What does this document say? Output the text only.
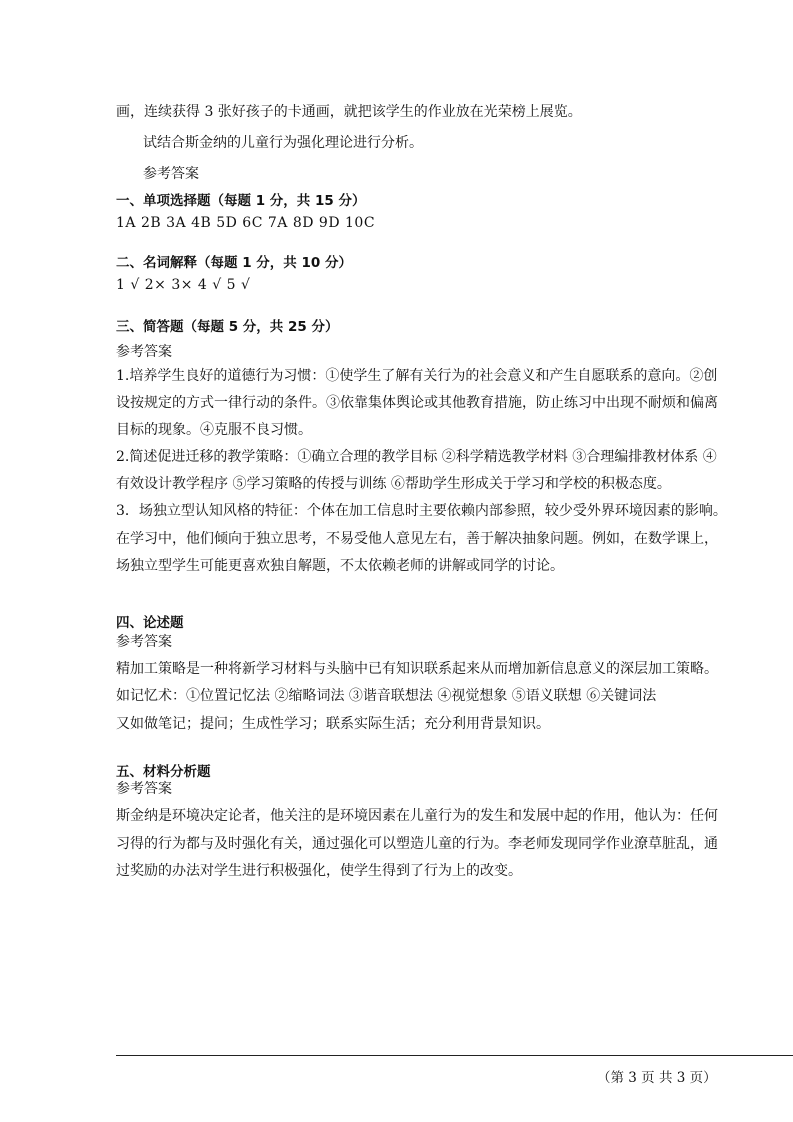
画，连续获得 3 张好孩子的卡通画，就把该学生的作业放在光荣榜上展览。
试结合斯金纳的儿童行为强化理论进行分析。
参考答案
一、单项选择题（每题 1 分，共 15 分）
1A 2B 3A 4B 5D 6C 7A 8D 9D 10C
二、名词解释（每题 1 分，共 10 分）
1 √ 2× 3× 4 √ 5 √
三、简答题（每题 5 分，共 25 分）
参考答案
1.培养学生良好的道德行为习惯：①使学生了解有关行为的社会意义和产生自愿联系的意向。②创
设按规定的方式一律行动的条件。③依靠集体舆论或其他教育措施，防止练习中出现不耐烦和偏离
目标的现象。④克服不良习惯。
2.简述促进迁移的教学策略：①确立合理的教学目标 ②科学精选教学材料 ③合理编排教材体系 ④
有效设计教学程序 ⑤学习策略的传授与训练 ⑥帮助学生形成关于学习和学校的积极态度。
3．场独立型认知风格的特征：个体在加工信息时主要依赖内部参照，较少受外界环境因素的影响。
在学习中，他们倾向于独立思考，不易受他人意见左右，善于解决抽象问题。例如，在数学课上，
场独立型学生可能更喜欢独自解题，不太依赖老师的讲解或同学的讨论。
四、论述题
参考答案
精加工策略是一种将新学习材料与头脑中已有知识联系起来从而增加新信息意义的深层加工策略。
如记忆术：①位置记忆法 ②缩略词法 ③谐音联想法 ④视觉想象 ⑤语义联想 ⑥关键词法
又如做笔记；提问；生成性学习；联系实际生活；充分利用背景知识。
五、材料分析题
参考答案
斯金纳是环境决定论者，他关注的是环境因素在儿童行为的发生和发展中起的作用，他认为：任何
习得的行为都与及时强化有关，通过强化可以塑造儿童的行为。李老师发现同学作业潦草脏乱，通
过奖励的办法对学生进行积极强化，使学生得到了行为上的改变。
（第 3 页 共 3 页）
